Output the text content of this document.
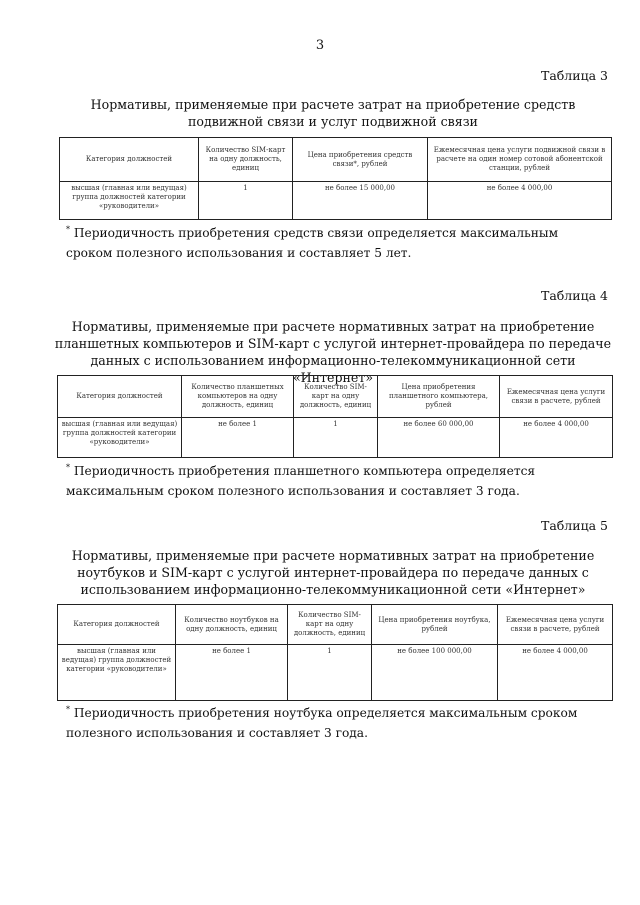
3
Таблица 3
Нормативы, применяемые при расчете затрат на приобретение средств подвижной связи и услуг подвижной связи
Категория должностей	Количество SIM-карт на одну должность, единиц	Цена приобретения средств связи*, рублей	Ежемесячная цена услуги подвижной связи в расчете на один номер сотовой абонентской станции, рублей
высшая (главная или ведущая) группа должностей категории «руководители»	1	не более 15 000,00	не более 4 000,00
* Периодичность приобретения средств связи определяется максимальным сроком полезного использования и составляет 5 лет.
Таблица 4
Нормативы, применяемые при расчете нормативных затрат на приобретение планшетных компьютеров и SIM-карт с услугой интернет-провайдера по передаче данных с использованием информационно-телекоммуникационной сети «Интернет»
Категория должностей	Количество планшетных компьютеров на одну должность, единиц	Количество SIM-карт на одну должность, единиц	Цена приобретения планшетного компьютера, рублей	Ежемесячная цена услуги связи в расчете, рублей
высшая (главная или ведущая) группа должностей категории «руководители»	не более 1	1	не более 60 000,00	не более 4 000,00
* Периодичность приобретения планшетного компьютера определяется максимальным сроком полезного использования и составляет 3 года.
Таблица 5
Нормативы, применяемые при расчете нормативных затрат на приобретение ноутбуков и SIM-карт с услугой интернет-провайдера по передаче данных с использованием информационно-телекоммуникационной сети «Интернет»
Категория должностей	Количество ноутбуков на одну должность, единиц	Количество SIM-карт на одну должность, единиц	Цена приобретения ноутбука, рублей	Ежемесячная цена услуги связи в расчете, рублей
высшая (главная или ведущая) группа должностей категории «руководители»	не более 1	1	не более 100 000,00	не более 4 000,00
* Периодичность приобретения ноутбука определяется максимальным сроком полезного использования и составляет 3 года.
